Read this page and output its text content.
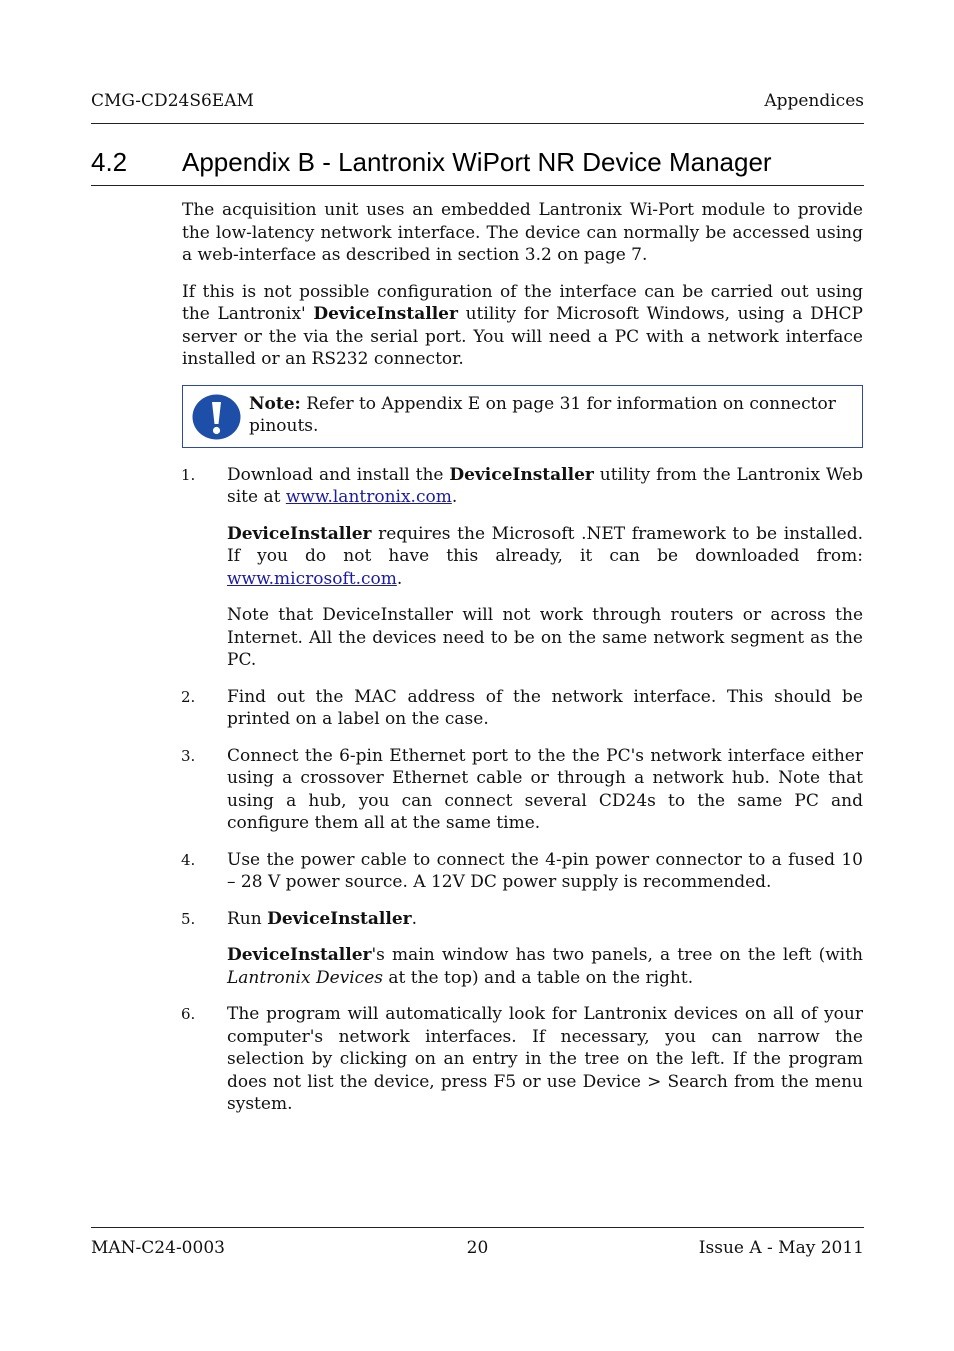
CMG-CD24S6EAM	Appendices
4.2 Appendix B - Lantronix WiPort NR Device Manager

The acquisition unit uses an embedded Lantronix Wi-Port module to provide the low-latency network interface. The device can normally be accessed using a web-interface as described in section 3.2 on page 7.

If this is not possible configuration of the interface can be carried out using the Lantronix' DeviceInstaller utility for Microsoft Windows, using a DHCP server or the via the serial port. You will need a PC with a network interface installed or an RS232 connector.

Note: Refer to Appendix E on page 31 for information on connector pinouts.
1. Download and install the DeviceInstaller utility from the Lantronix Web site at www.lantronix.com.

DeviceInstaller requires the Microsoft .NET framework to be installed. If you do not have this already, it can be downloaded from: www.microsoft.com.

Note that DeviceInstaller will not work through routers or across the Internet. All the devices need to be on the same network segment as the PC.

2. Find out the MAC address of the network interface. This should be printed on a label on the case.

3. Connect the 6-pin Ethernet port to the the PC's network interface either using a crossover Ethernet cable or through a network hub. Note that using a hub, you can connect several CD24s to the same PC and configure them all at the same time.

4. Use the power cable to connect the 4-pin power connector to a fused 10 – 28 V power source. A 12V DC power supply is recommended.

5. Run DeviceInstaller.

DeviceInstaller's main window has two panels, a tree on the left (with Lantronix Devices at the top) and a table on the right.

6. The program will automatically look for Lantronix devices on all of your computer's network interfaces. If necessary, you can narrow the selection by clicking on an entry in the tree on the left. If the program does not list the device, press F5 or use Device > Search from the menu system.

MAN-C24-0003	20	Issue A - May 2011
